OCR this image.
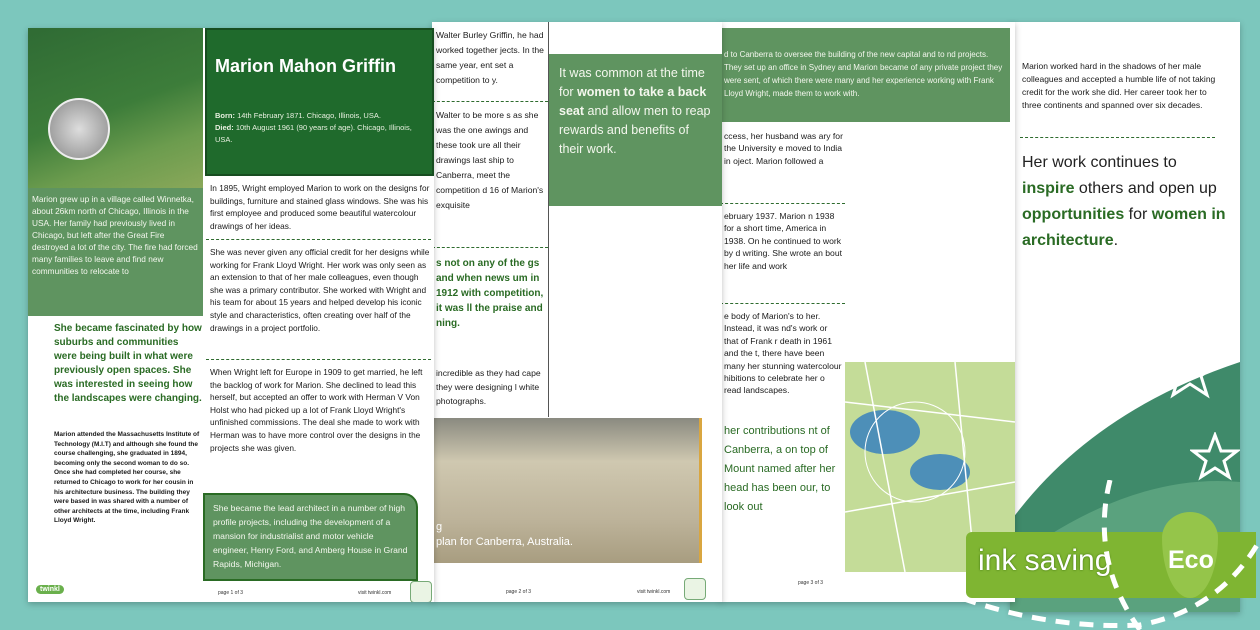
Marion worked hard in the shadows of her male colleagues and accepted a humble life of not taking credit for the work she did. Her career took her to three continents and spanned over six decades.
Her work continues to inspire others and open up opportunities for women in architecture.
d to Canberra to oversee the building of the new capital and to nd projects. They set up an office in Sydney and Marion became of any private project they were sent, of which there were many and her experience working with Frank Lloyd Wright, made them to work with.
ccess, her husband was ary for the University e moved to India in oject. Marion followed a
ebruary 1937. Marion n 1938 for a short time, America in 1938. On he continued to work by d writing. She wrote an bout her life and work
e body of Marion's to her. Instead, it was nd's work or that of Frank r death in 1961 and the t, there have been many her stunning watercolour hibitions to celebrate her o read landscapes.
her contributions nt of Canberra, a on top of Mount named after her head has been our, to look out
page 3 of 3
Walter Burley Griffin, he had worked together jects. In the same year, ent set a competition to y.
Walter to be more s as she was the one awings and these took ure all their drawings last ship to Canberra, meet the competition d 16 of Marion's exquisite
s not on any of the gs and when news um in 1912 with competition, it was ll the praise and ning.
incredible as they had cape they were designing l white photographs.
It was common at the time for women to take a back seat and allow men to reap rewards and benefits of their work.
g
plan for Canberra, Australia.
page 2 of 3	visit twinkl.com
Marion grew up in a village called Winnetka, about 26km north of Chicago, Illinois in the USA. Her family had previously lived in Chicago, but left after the Great Fire destroyed a lot of the city. The fire had forced many families to leave and find new communities to relocate to
She became fascinated by how suburbs and communities were being built in what were previously open spaces. She was interested in seeing how the landscapes were changing.
Marion attended the Massachusetts Institute of Technology (M.I.T) and although she found the course challenging, she graduated in 1894, becoming only the second woman to do so. Once she had completed her course, she returned to Chicago to work for her cousin in his architecture business. The building they were based in was shared with a number of other architects at the time, including Frank Lloyd Wright.
Marion Mahon Griffin
Born: 14th February 1871. Chicago, Illinois, USA.
Died: 10th August 1961 (90 years of age). Chicago, Illinois, USA.
In 1895, Wright employed Marion to work on the designs for buildings, furniture and stained glass windows. She was his first employee and produced some beautiful watercolour drawings of her ideas.
She was never given any official credit for her designs while working for Frank Lloyd Wright. Her work was only seen as an extension to that of her male colleagues, even though she was a primary contributor. She worked with Wright and his team for about 15 years and helped develop his iconic style and characteristics, often creating over half of the drawings in a project portfolio.
When Wright left for Europe in 1909 to get married, he left the backlog of work for Marion. She declined to lead this herself, but accepted an offer to work with Herman V Von Holst who had picked up a lot of Frank Lloyd Wright's unfinished commissions. The deal she made to work with Herman was to have more control over the designs in the projects she was given.
She became the lead architect in a number of high profile projects, including the development of a mansion for industrialist and motor vehicle engineer, Henry Ford, and Amberg House in Grand Rapids, Michigan.
twinkl	page 1 of 3	visit twinkl.com
ink saving Eco
